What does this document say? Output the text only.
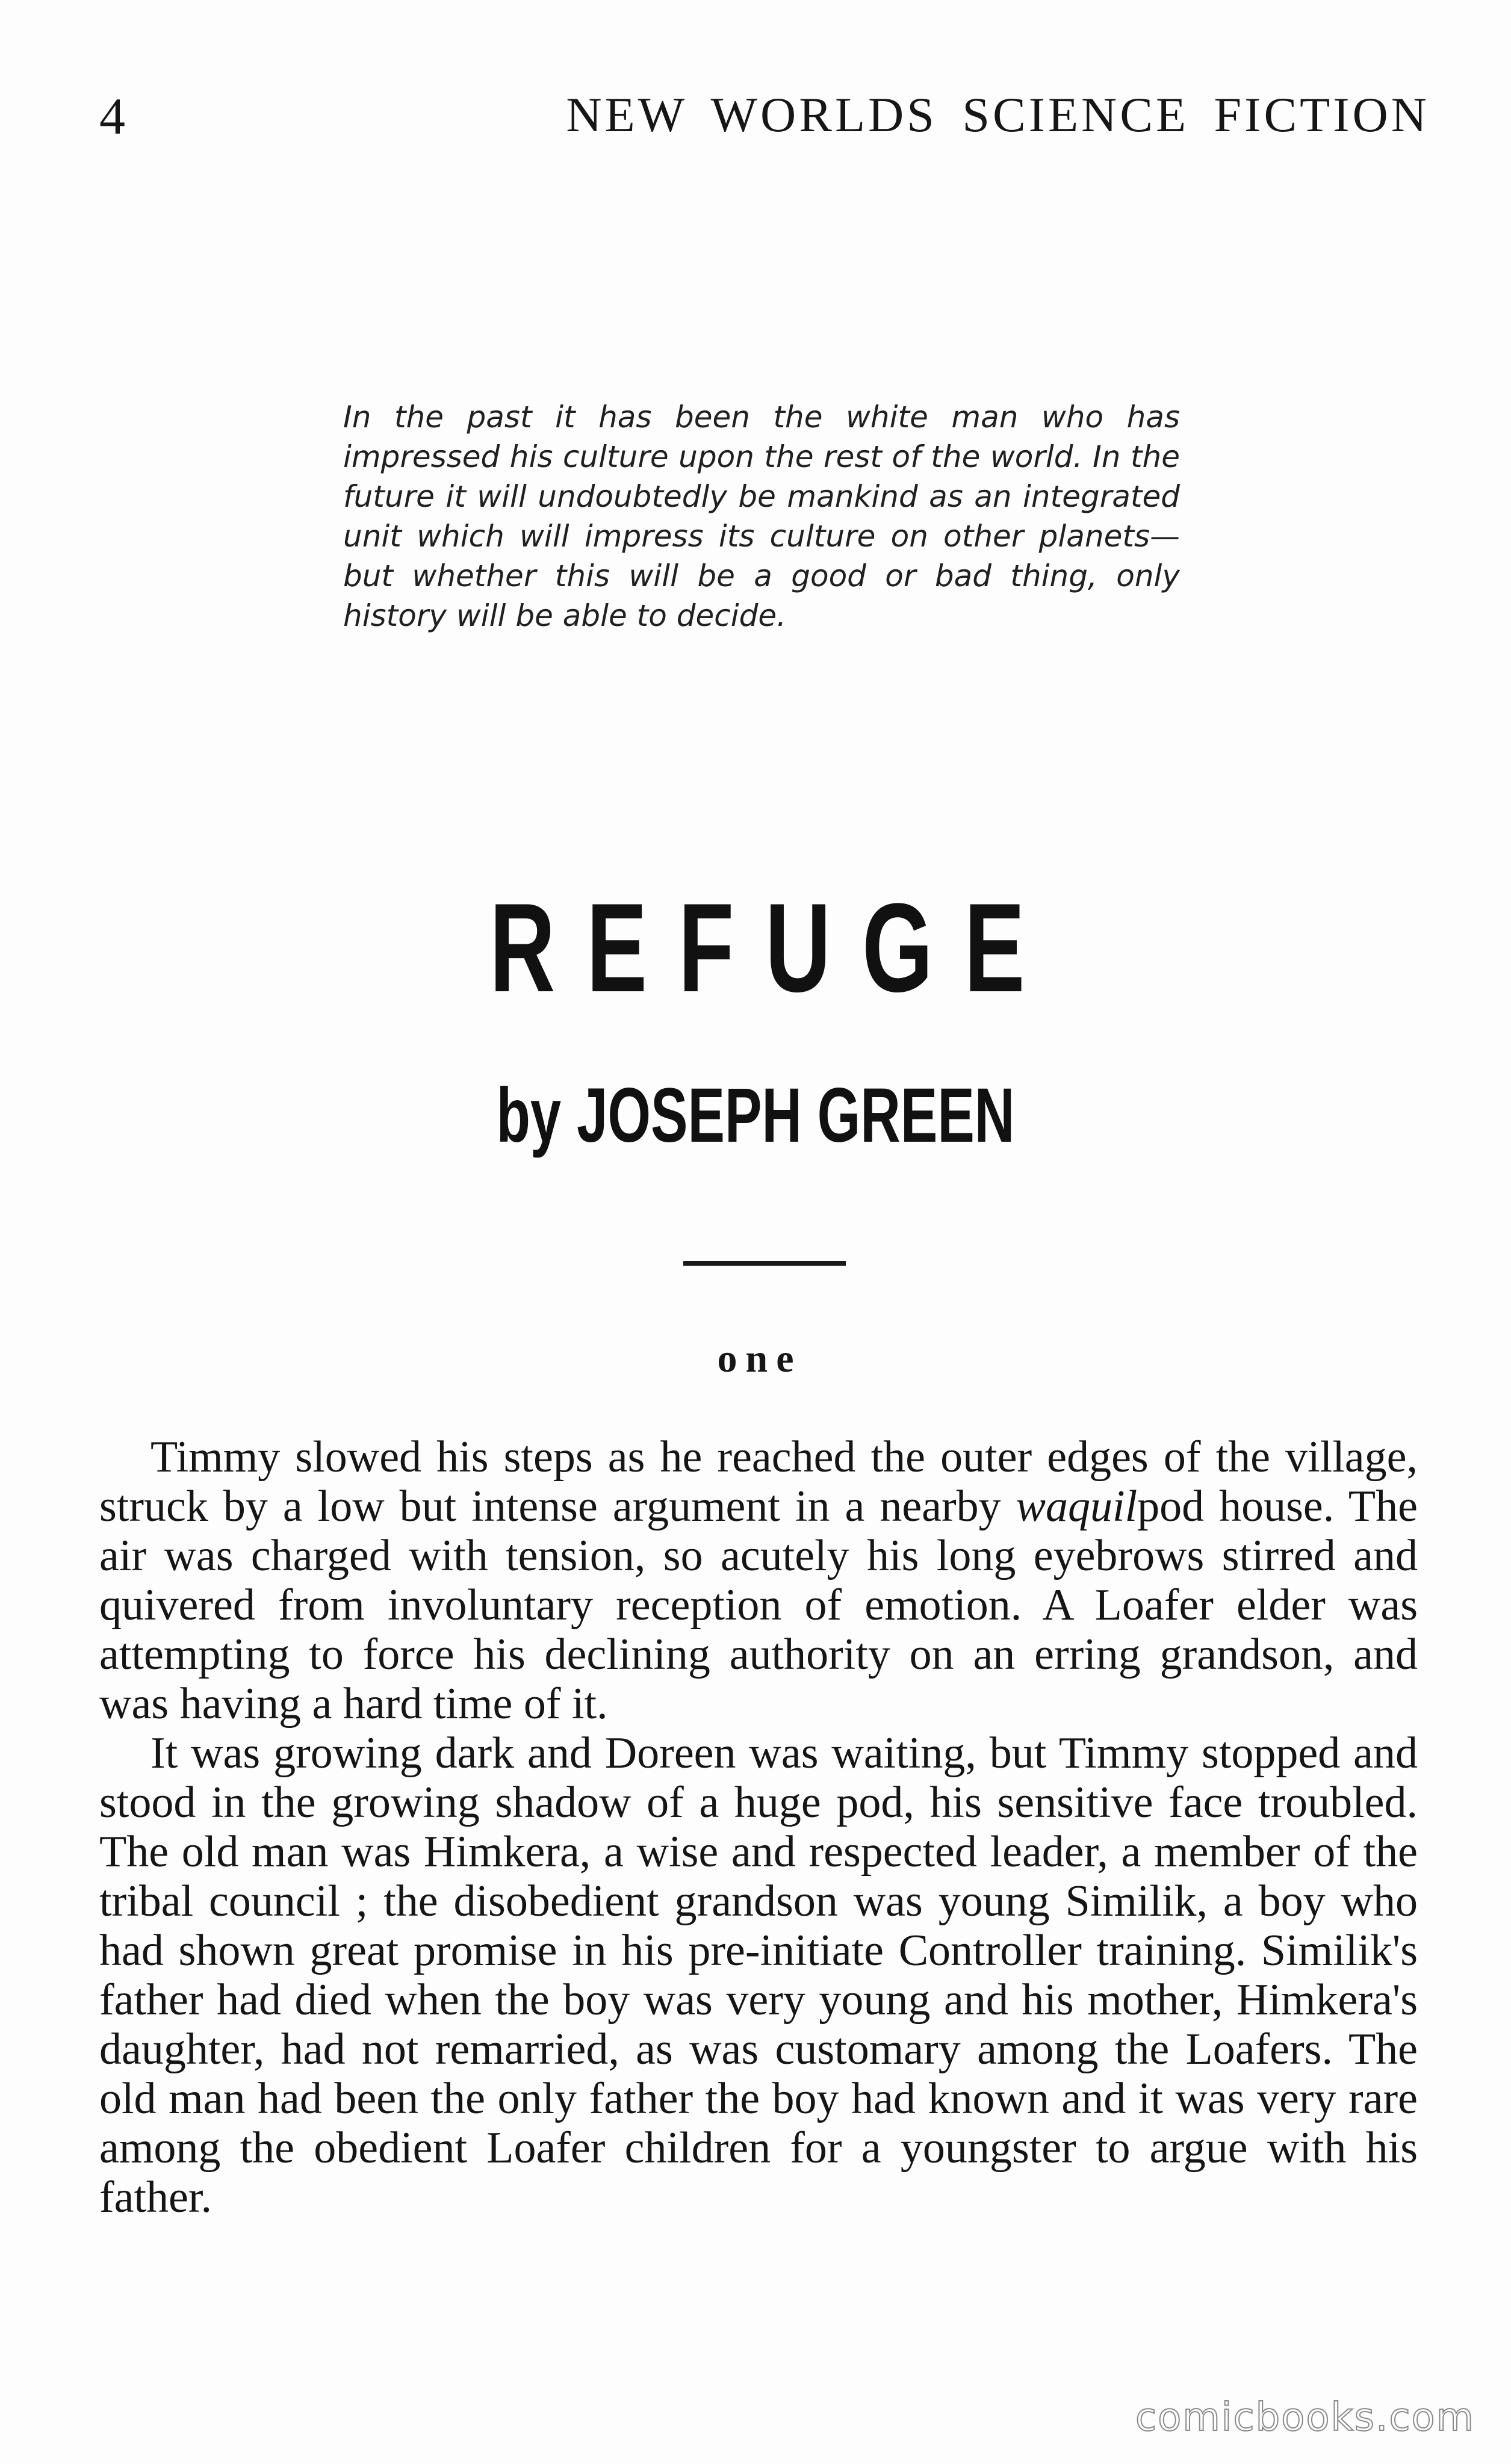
4	NEW WORLDS SCIENCE FICTION
In the past it has been the white man who has impressed his culture upon the rest of the world. In the future it will undoubtedly be mankind as an integrated unit which will impress its culture on other planets—but whether this will be a good or bad thing, only history will be able to decide.
REFUGE
by JOSEPH GREEN
one

Timmy slowed his steps as he reached the outer edges of the village, struck by a low but intense argument in a nearby waquilpod house. The air was charged with tension, so acutely his long eyebrows stirred and quivered from involuntary reception of emotion. A Loafer elder was attempting to force his declining authority on an erring grandson, and was having a hard time of it.

It was growing dark and Doreen was waiting, but Timmy stopped and stood in the growing shadow of a huge pod, his sensitive face troubled. The old man was Himkera, a wise and respected leader, a member of the tribal council ; the disobedient grandson was young Similik, a boy who had shown great promise in his pre-initiate Controller training. Similik's father had died when the boy was very young and his mother, Himkera's daughter, had not remarried, as was customary among the Loafers. The old man had been the only father the boy had known and it was very rare among the obedient Loafer children for a youngster to argue with his father.

comicbooks.com
